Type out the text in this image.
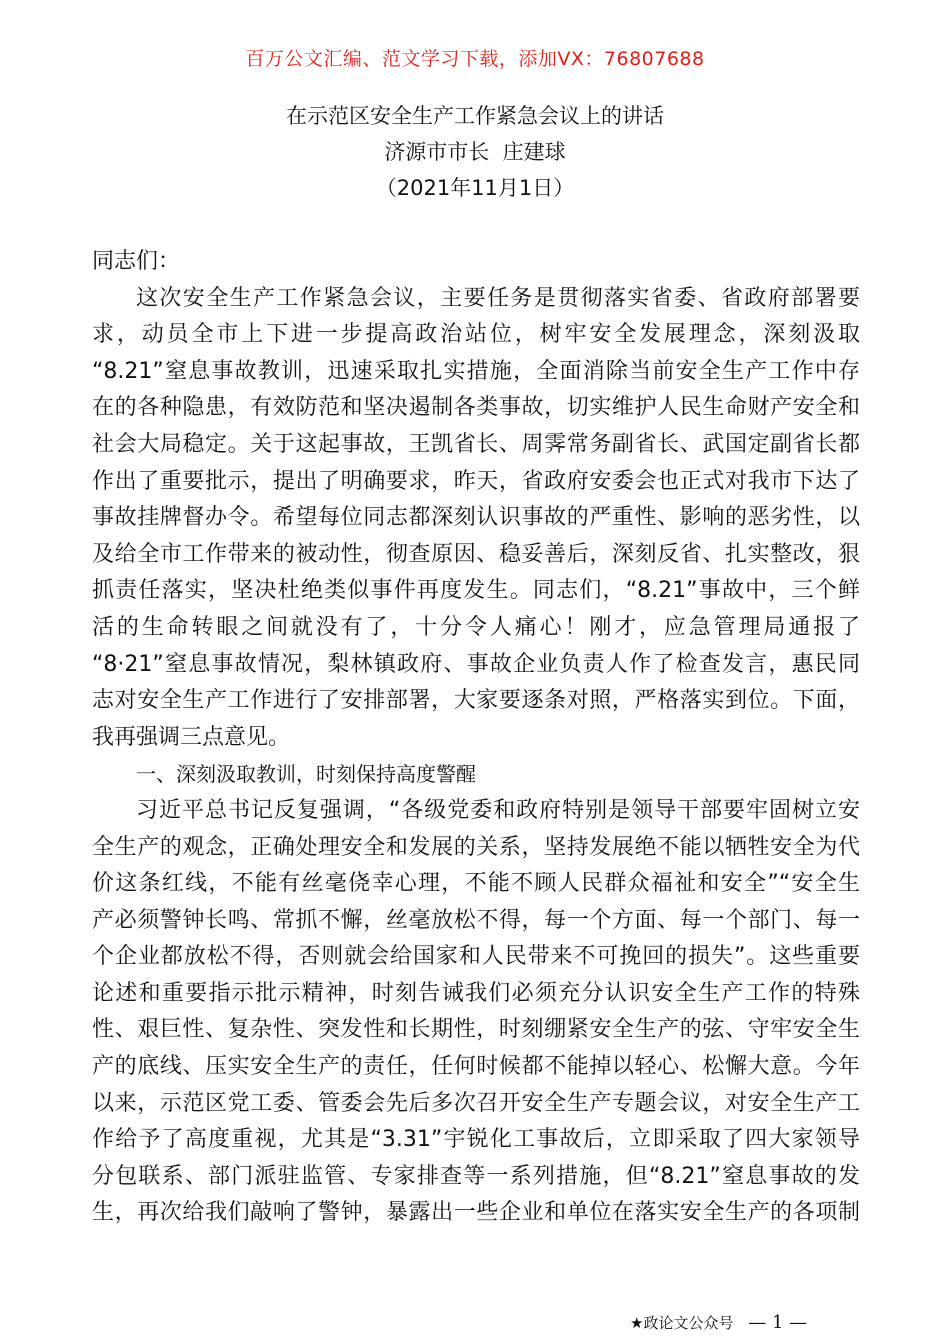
百万公文汇编、范文学习下载，添加VX：76807688
在示范区安全生产工作紧急会议上的讲话
济源市市长  庄建球
（2021年11月1日）
同志们：
这次安全生产工作紧急会议，主要任务是贯彻落实省委、省政府部署要
求，动员全市上下进一步提高政治站位，树牢安全发展理念，深刻汲取
“8.21”窒息事故教训，迅速采取扎实措施，全面消除当前安全生产工作中存
在的各种隐患，有效防范和坚决遏制各类事故，切实维护人民生命财产安全和
社会大局稳定。关于这起事故，王凯省长、周霁常务副省长、武国定副省长都
作出了重要批示，提出了明确要求，昨天，省政府安委会也正式对我市下达了
事故挂牌督办令。希望每位同志都深刻认识事故的严重性、影响的恶劣性，以
及给全市工作带来的被动性，彻查原因、稳妥善后，深刻反省、扎实整改，狠
抓责任落实，坚决杜绝类似事件再度发生。同志们，“8.21”事故中，三个鲜
活的生命转眼之间就没有了，十分令人痛心！刚才，应急管理局通报了
“8·21”窒息事故情况，梨林镇政府、事故企业负责人作了检查发言，惠民同
志对安全生产工作进行了安排部署，大家要逐条对照，严格落实到位。下面，
我再强调三点意见。
一、深刻汲取教训，时刻保持高度警醒
习近平总书记反复强调，“各级党委和政府特别是领导干部要牢固树立安
全生产的观念，正确处理安全和发展的关系，坚持发展绝不能以牺牲安全为代
价这条红线，不能有丝毫侥幸心理，不能不顾人民群众福祉和安全”“安全生
产必须警钟长鸣、常抓不懈，丝毫放松不得，每一个方面、每一个部门、每一
个企业都放松不得，否则就会给国家和人民带来不可挽回的损失”。这些重要
论述和重要指示批示精神，时刻告诫我们必须充分认识安全生产工作的特殊
性、艰巨性、复杂性、突发性和长期性，时刻绷紧安全生产的弦、守牢安全生
产的底线、压实安全生产的责任，任何时候都不能掉以轻心、松懈大意。今年
以来，示范区党工委、管委会先后多次召开安全生产专题会议，对安全生产工
作给予了高度重视，尤其是“3.31”宇锐化工事故后，立即采取了四大家领导
分包联系、部门派驻监管、专家排查等一系列措施，但“8.21”窒息事故的发
生，再次给我们敲响了警钟，暴露出一些企业和单位在落实安全生产的各项制
★政论文公众号 — 1 —
